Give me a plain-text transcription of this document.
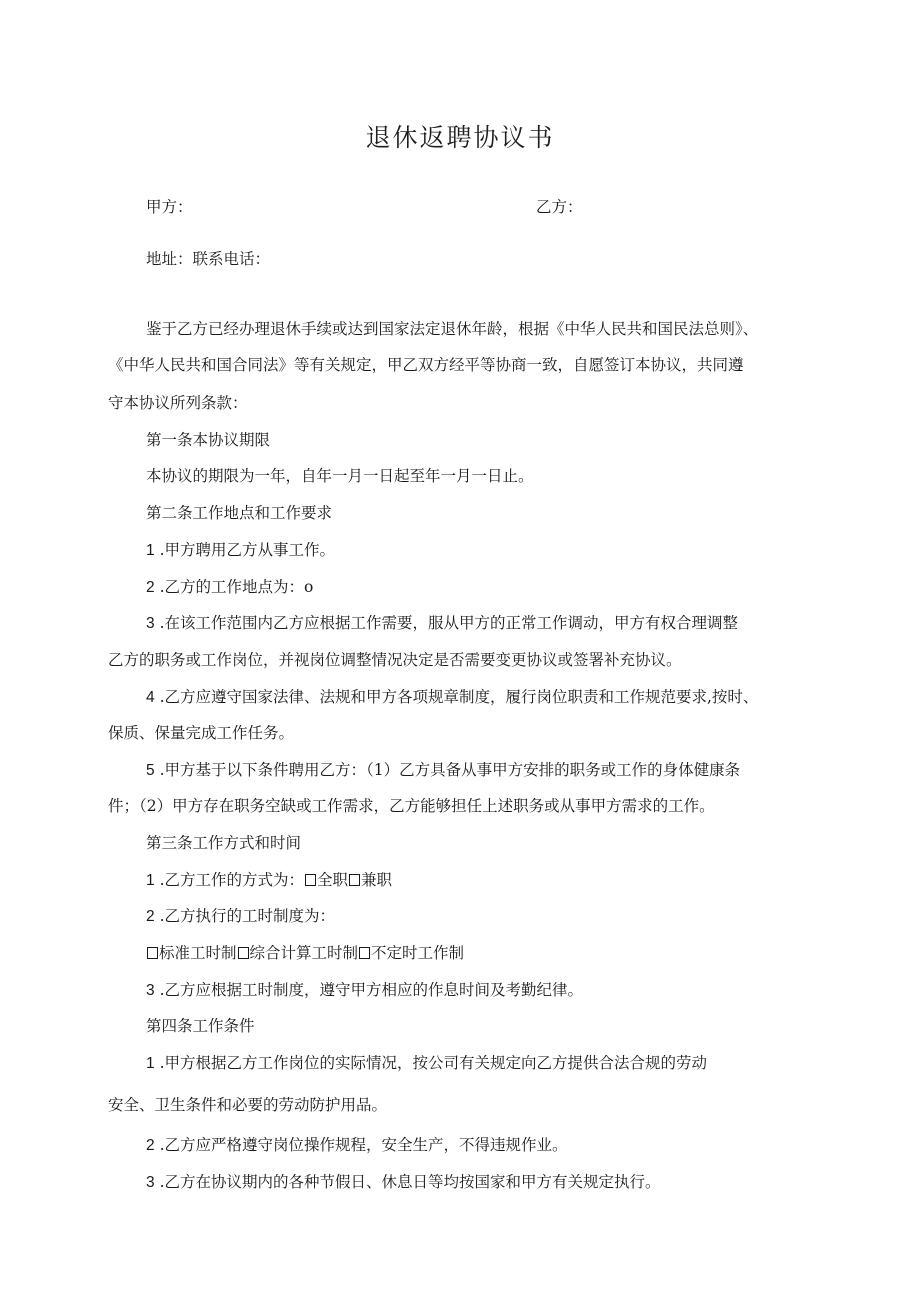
退休返聘协议书
甲方：	乙方：
地址：联系电话：
鉴于乙方已经办理退休手续或达到国家法定退休年龄，根据《中华人民共和国民法总则》、
《中华人民共和国合同法》等有关规定，甲乙双方经平等协商一致，自愿签订本协议，共同遵
守本协议所列条款：
第一条本协议期限
本协议的期限为一年，自年一月一日起至年一月一日止。
第二条工作地点和工作要求
1 .甲方聘用乙方从事工作。
2 .乙方的工作地点为：o
3 .在该工作范围内乙方应根据工作需要，服从甲方的正常工作调动，甲方有权合理调整
乙方的职务或工作岗位，并视岗位调整情况决定是否需要变更协议或签署补充协议。
4 .乙方应遵守国家法律、法规和甲方各项规章制度，履行岗位职责和工作规范要求,按时、
保质、保量完成工作任务。
5 .甲方基于以下条件聘用乙方：（1）乙方具备从事甲方安排的职务或工作的身体健康条
件；（2）甲方存在职务空缺或工作需求，乙方能够担任上述职务或从事甲方需求的工作。
第三条工作方式和时间
1 .乙方工作的方式为： 全职 兼职
2 .乙方执行的工时制度为：
标准工时制 综合计算工时制 不定时工作制
3 .乙方应根据工时制度，遵守甲方相应的作息时间及考勤纪律。
第四条工作条件
1 .甲方根据乙方工作岗位的实际情况，按公司有关规定向乙方提供合法合规的劳动
安全、卫生条件和必要的劳动防护用品。
2 .乙方应严格遵守岗位操作规程，安全生产，不得违规作业。
3 .乙方在协议期内的各种节假日、休息日等均按国家和甲方有关规定执行。
